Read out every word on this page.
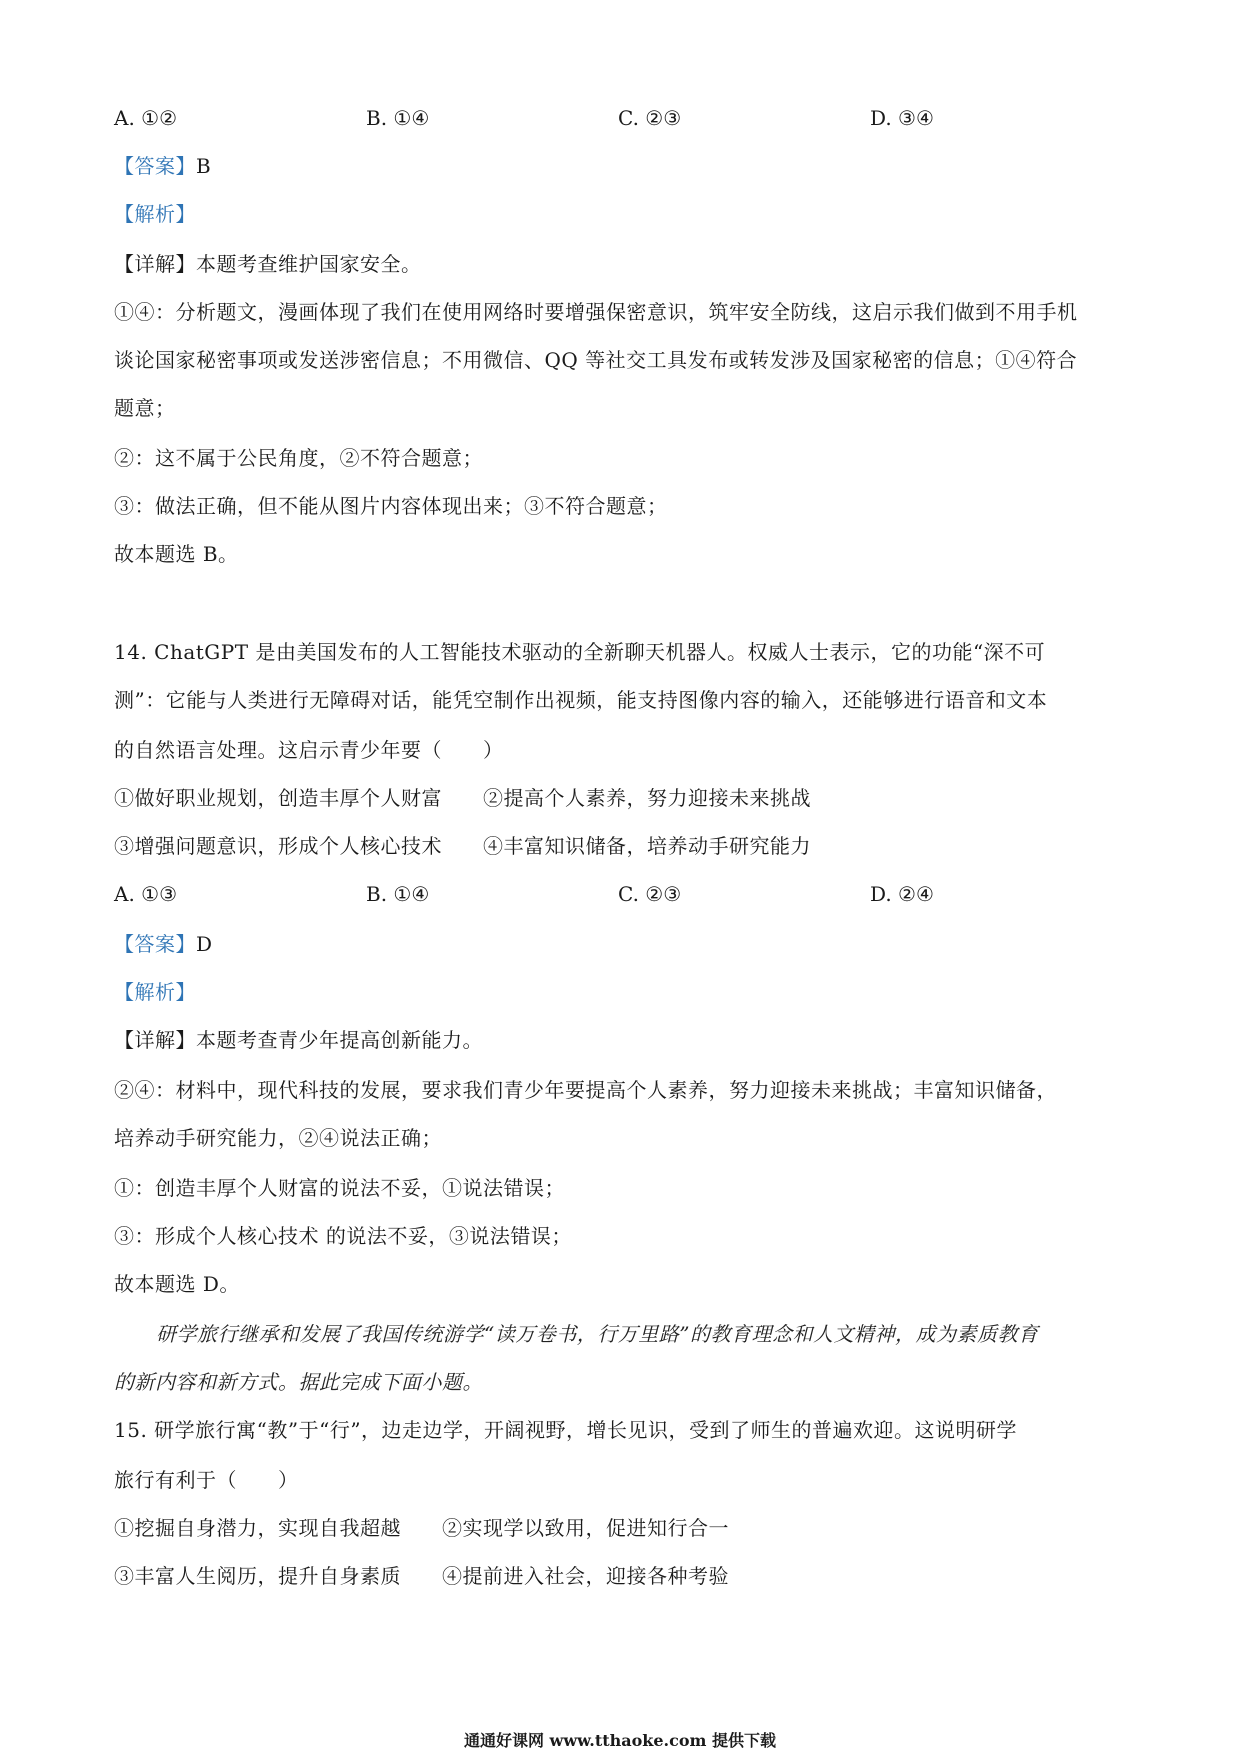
A. ①②	B. ①④	C. ②③	D. ③④
【答案】B
【解析】
【详解】本题考查维护国家安全。
①④：分析题文，漫画体现了我们在使用网络时要增强保密意识，筑牢安全防线，这启示我们做到不用手机
谈论国家秘密事项或发送涉密信息；不用微信、QQ 等社交工具发布或转发涉及国家秘密的信息；①④符合
题意；
②：这不属于公民角度，②不符合题意；
③：做法正确，但不能从图片内容体现出来；③不符合题意；
故本题选 B。
14. ChatGPT 是由美国发布的人工智能技术驱动的全新聊天机器人。权威人士表示，它的功能“深不可
测”：它能与人类进行无障碍对话，能凭空制作出视频，能支持图像内容的输入，还能够进行语音和文本
的自然语言处理。这启示青少年要（　　）
①做好职业规划，创造丰厚个人财富　　②提高个人素养，努力迎接未来挑战
③增强问题意识，形成个人核心技术　　④丰富知识储备，培养动手研究能力
A. ①③	B. ①④	C. ②③	D. ②④
【答案】D
【解析】
【详解】本题考查青少年提高创新能力。
②④：材料中，现代科技的发展，要求我们青少年要提高个人素养，努力迎接未来挑战；丰富知识储备，
培养动手研究能力，②④说法正确；
①：创造丰厚个人财富的说法不妥，①说法错误；
③：形成个人核心技术 的说法不妥，③说法错误；
故本题选 D。
研学旅行继承和发展了我国传统游学“读万卷书，行万里路”的教育理念和人文精神，成为素质教育
的新内容和新方式。据此完成下面小题。
15. 研学旅行寓“教”于“行”，边走边学，开阔视野，增长见识，受到了师生的普遍欢迎。这说明研学
旅行有利于（　　）
①挖掘自身潜力，实现自我超越　　②实现学以致用，促进知行合一
③丰富人生阅历，提升自身素质　　④提前进入社会，迎接各种考验
通通好课网 www.tthaoke.com 提供下载
